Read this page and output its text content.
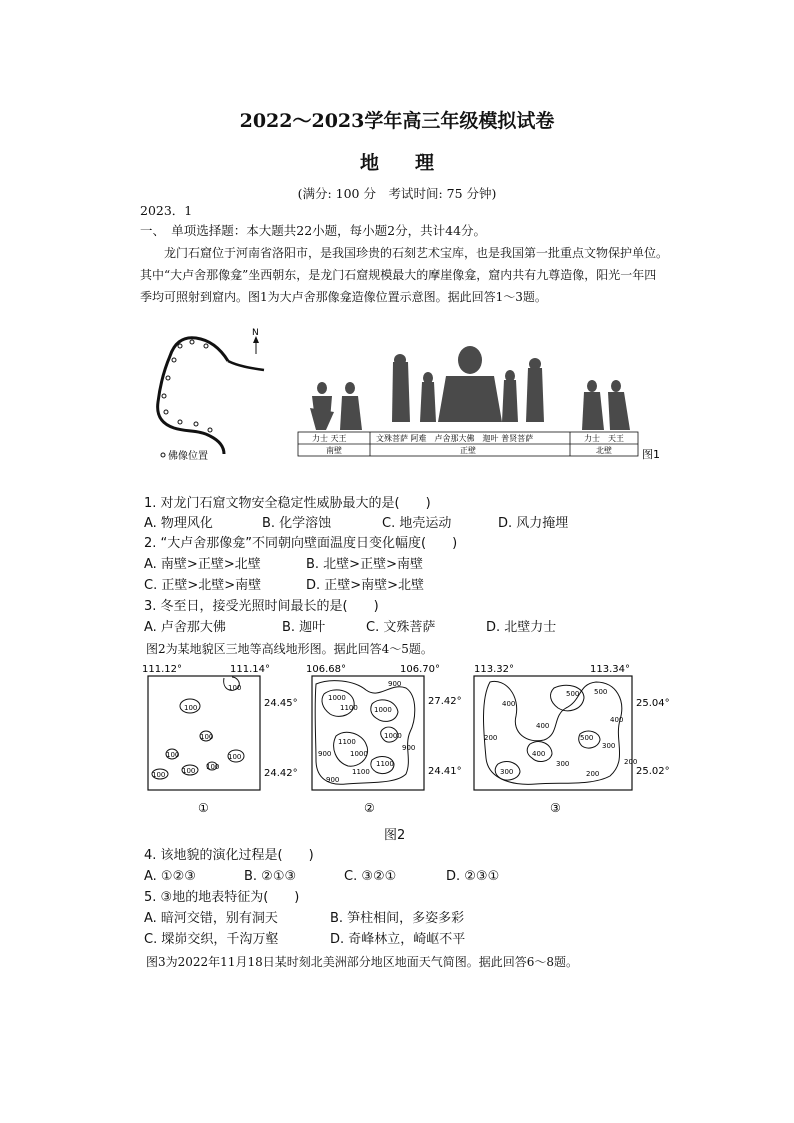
2022～2023学年高三年级模拟试卷
地理
(满分: 100 分　考试时间: 75 分钟)
2023．1
一、　单项选择题：本大题共22小题，每小题2分，共计44分。
龙门石窟位于河南省洛阳市，是我国珍贵的石刻艺术宝库，也是我国第一批重点文物保护单位。其中“大卢舍那像龛”坐西朝东，是龙门石窟规模最大的摩崖像龛，窟内共有九尊造像，阳光一年四季均可照射到窟内。图1为大卢舍那像龛造像位置示意图。据此回答1～3题。
N
佛像位置
力士 天王	文殊菩萨 阿难　卢舍那大佛　迦叶 普贤菩萨	力士　天王
南壁	正壁	北壁	图1
1. 对龙门石窟文物安全稳定性威胁最大的是(　　)
A. 物理风化	B. 化学溶蚀	C. 地壳运动	D. 风力掩埋
2. “大卢舍那像龛”不同朝向壁面温度日变化幅度(　　)
A. 南壁>正壁>北壁	B. 北壁>正壁>南壁
C. 正壁>北壁>南壁	D. 正壁>南壁>北壁
3. 冬至日，接受光照时间最长的是(　　)
A. 卢舍那大佛	B. 迦叶	C. 文殊菩萨	D. 北壁力士
图2为某地貌区三地等高线地形图。据此回答4～5题。
111.12°	111.14°
24.45°
24.42°
100
100
100
100	100
100
100
100
①
106.68°	106.70°
27.42°
24.41°
900
1000
1100 1000
1100
900	1000
1100
1000
900
1100
900
②
113.32°	113.34°
25.04°
25.02°
500
400
500
400
300
200
400
300	200
200
300
500
400
③
图2
4. 该地貌的演化过程是(　　)
A. ①②③	B. ②①③	C. ③②①	D. ②③①
5. ③地的地表特征为(　　)
A. 暗河交错，别有洞天	B. 笋柱相间，多姿多彩
C. 墚峁交织，千沟万壑	D. 奇峰林立，崎岖不平
图3为2022年11月18日某时刻北美洲部分地区地面天气简图。据此回答6～8题。
